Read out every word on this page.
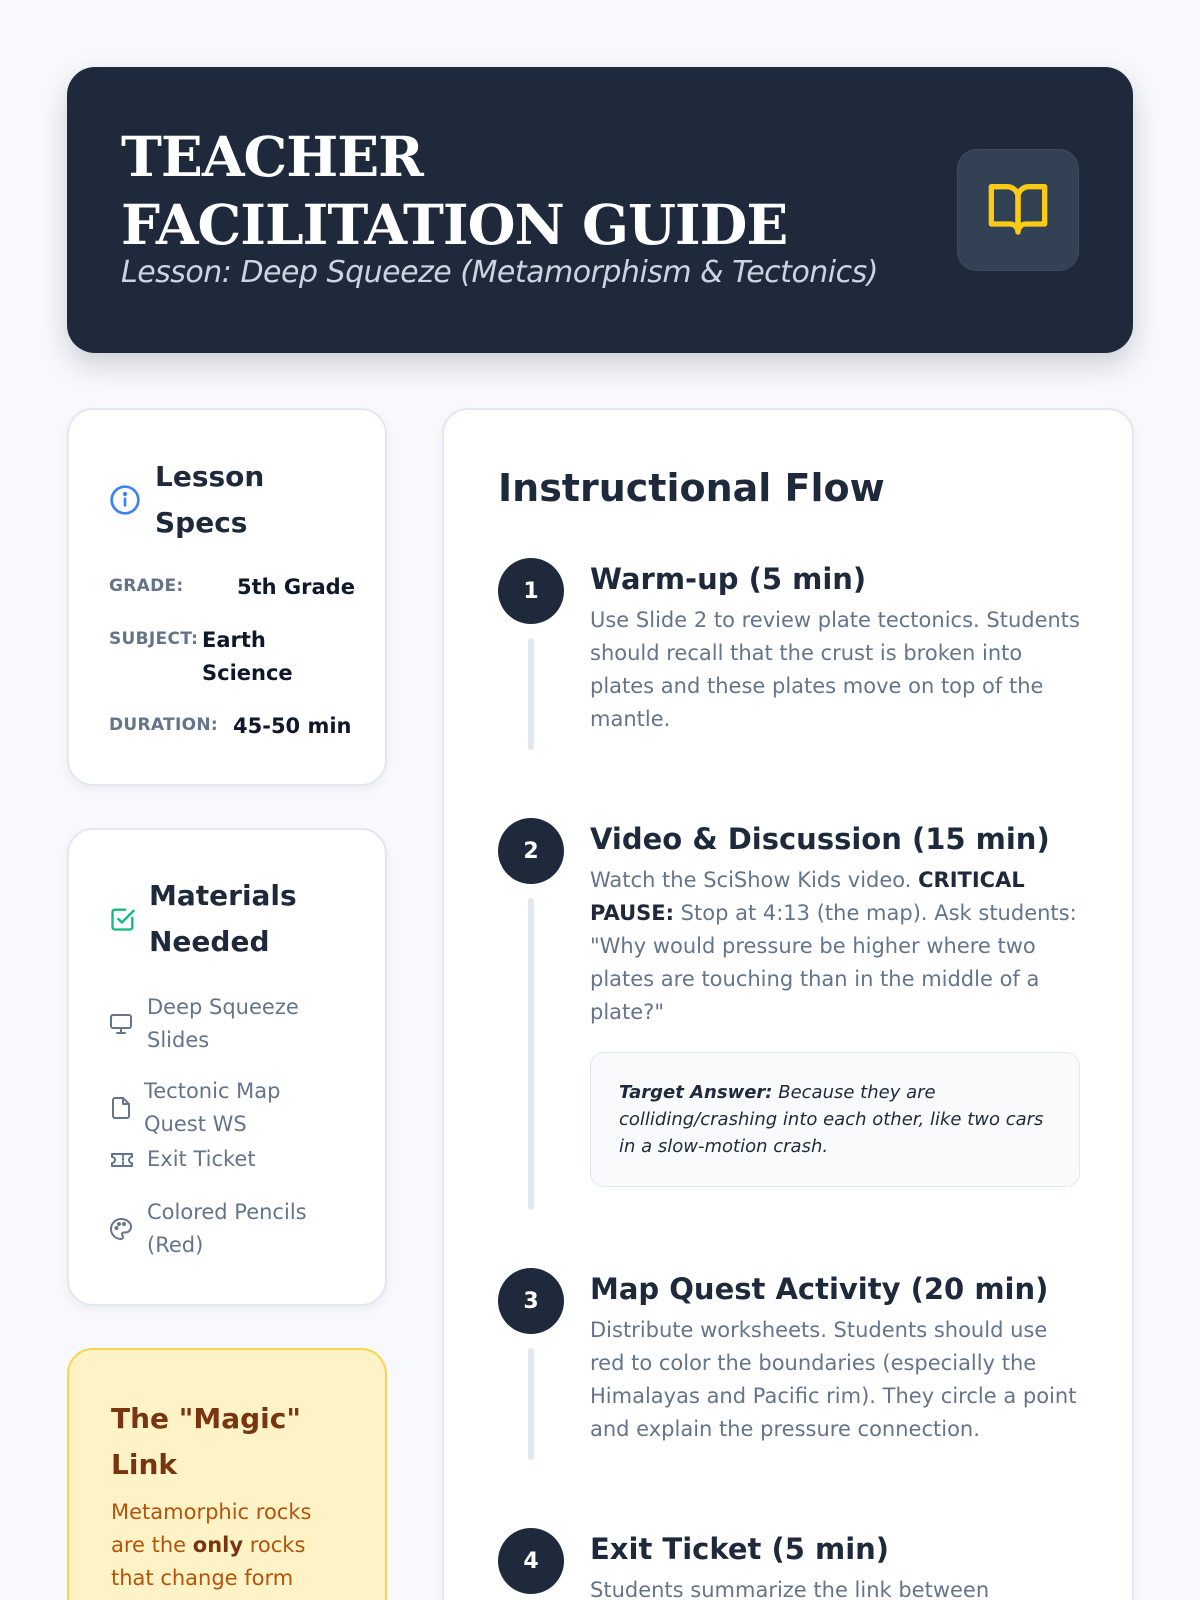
TEACHER FACILITATION GUIDE
Lesson: Deep Squeeze (Metamorphism & Tectonics)
Lesson Specs
GRADE:	5th Grade
SUBJECT: Earth Science
DURATION: 45-50 min
Materials Needed
Deep Squeeze Slides
Tectonic Map Quest WS
Exit Ticket
Colored Pencils (Red)
The "Magic" Link

Metamorphic rocks are the only rocks that change form

Instructional Flow
1	Warm-up (5 min)
Use Slide 2 to review plate tectonics. Students should recall that the crust is broken into plates and these plates move on top of the mantle.
2	Video & Discussion (15 min)
Watch the SciShow Kids video. CRITICAL PAUSE: Stop at 4:13 (the map). Ask students: "Why would pressure be higher where two plates are touching than in the middle of a plate?"
Target Answer: Because they are colliding/crashing into each other, like two cars in a slow-motion crash.
3	Map Quest Activity (20 min)
Distribute worksheets. Students should use red to color the boundaries (especially the Himalayas and Pacific rim). They circle a point and explain the pressure connection.
4	Exit Ticket (5 min)
Students summarize the link between
